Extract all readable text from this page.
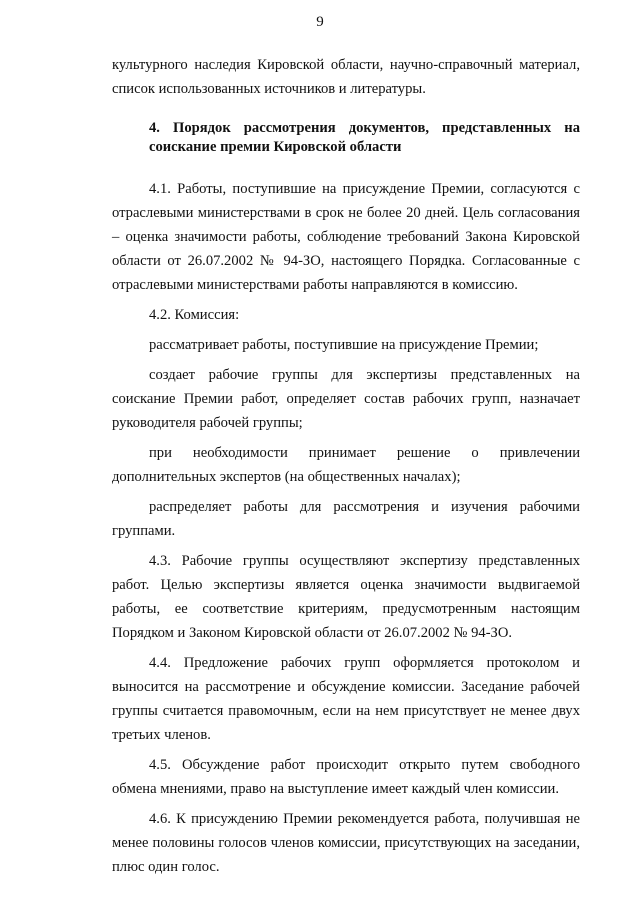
9

культурного наследия Кировской области, научно-справочный материал, список использованных источников и литературы.

4. Порядок рассмотрения документов, представленных на соискание премии Кировской области

4.1. Работы, поступившие на присуждение Премии, согласуются с отраслевыми министерствами в срок не более 20 дней. Цель согласования – оценка значимости работы, соблюдение требований Закона Кировской области от 26.07.2002 № 94-ЗО, настоящего Порядка. Согласованные с отраслевыми министерствами работы направляются в комиссию.

4.2. Комиссия:

рассматривает работы, поступившие на присуждение Премии;

создает рабочие группы для экспертизы представленных на соискание Премии работ, определяет состав рабочих групп, назначает руководителя рабочей группы;

при необходимости принимает решение о привлечении дополнительных экспертов (на общественных началах);

распределяет работы для рассмотрения и изучения рабочими группами.

4.3. Рабочие группы осуществляют экспертизу представленных работ. Целью экспертизы является оценка значимости выдвигаемой работы, ее соответствие критериям, предусмотренным настоящим Порядком и Законом Кировской области от 26.07.2002 № 94-ЗО.

4.4. Предложение рабочих групп оформляется протоколом и выносится на рассмотрение и обсуждение комиссии. Заседание рабочей группы считается правомочным, если на нем присутствует не менее двух третьих членов.

4.5. Обсуждение работ происходит открыто путем свободного обмена мнениями, право на выступление имеет каждый член комиссии.

4.6. К присуждению Премии рекомендуется работа, получившая не менее половины голосов членов комиссии, присутствующих на заседании, плюс один голос.
